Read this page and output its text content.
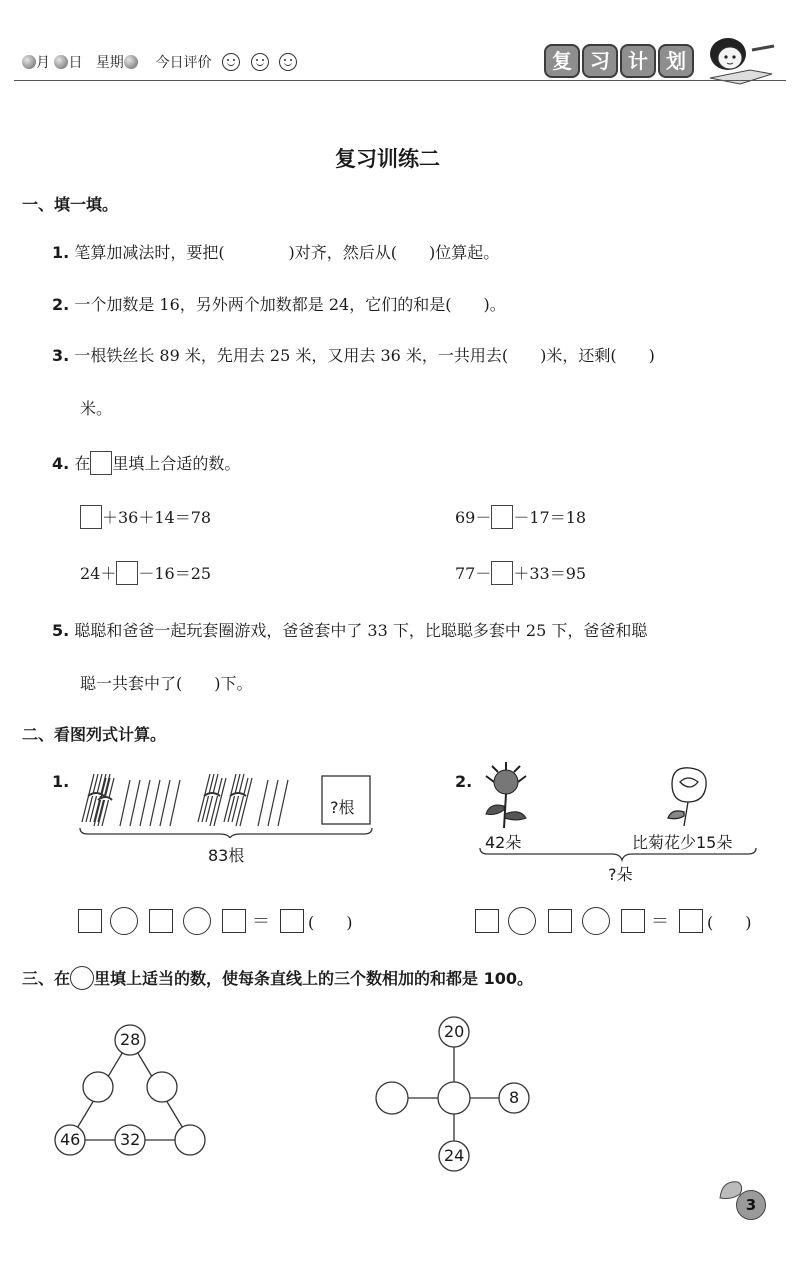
月 日 星期 今日评价	复 习 计 划
复习训练二
一、填一填。
1. 笔算加减法时，要把(　　　　)对齐，然后从(　　)位算起。
2. 一个加数是 16，另外两个加数都是 24，它们的和是(　　)。
3. 一根铁丝长 89 米，先用去 25 米，又用去 36 米，一共用去(　　)米，还剩(　　)
米。
4. 在 里填上合适的数。
＋36＋14＝78	69－ －17＝18
24＋ －16＝25	77－ ＋33＝95
5. 聪聪和爸爸一起玩套圈游戏，爸爸套中了 33 下，比聪聪多套中 25 下，爸爸和聪
聪一共套中了(　　)下。
二、看图列式计算。
1.
?根
83根
＝ (　　)
2.
42朵	比菊花少15朵
?朵
＝ (　　)
三、在 里填上适当的数，使每条直线上的三个数相加的和都是 100。
28
46 32
20
8
24
3
